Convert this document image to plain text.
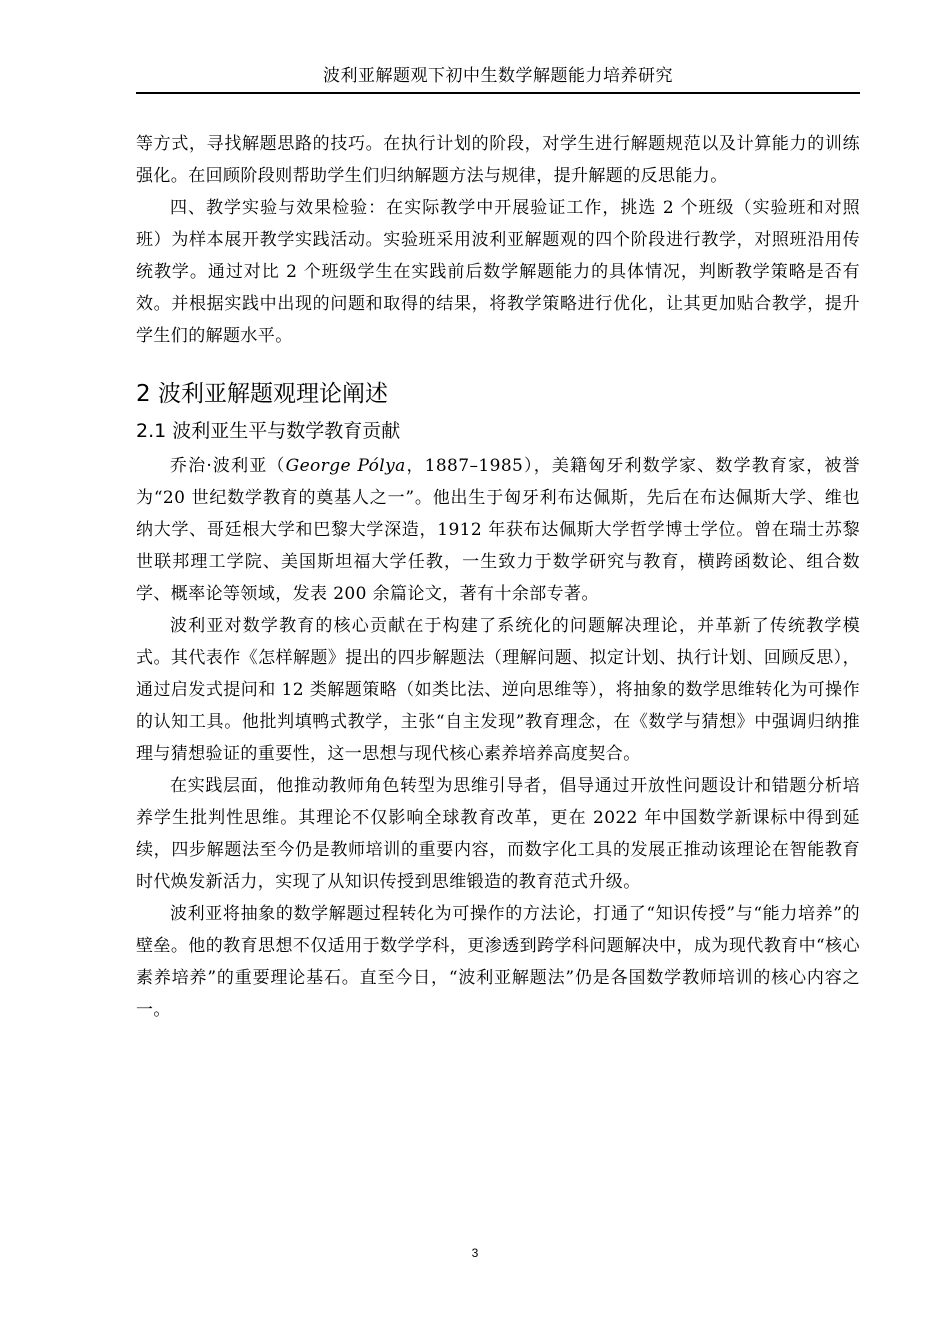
波利亚解题观下初中生数学解题能力培养研究

等方式，寻找解题思路的技巧。在执行计划的阶段，对学生进行解题规范以及计算能力的训练强化。在回顾阶段则帮助学生们归纳解题方法与规律，提升解题的反思能力。

四、教学实验与效果检验：在实际教学中开展验证工作，挑选 2 个班级（实验班和对照班）为样本展开教学实践活动。实验班采用波利亚解题观的四个阶段进行教学，对照班沿用传统教学。通过对比 2 个班级学生在实践前后数学解题能力的具体情况，判断教学策略是否有效。并根据实践中出现的问题和取得的结果，将教学策略进行优化，让其更加贴合教学，提升学生们的解题水平。

2 波利亚解题观理论阐述
2.1 波利亚生平与数学教育贡献

乔治·波利亚（George Pólya，1887–1985），美籍匈牙利数学家、数学教育家，被誉为“20 世纪数学教育的奠基人之一”。他出生于匈牙利布达佩斯，先后在布达佩斯大学、维也纳大学、哥廷根大学和巴黎大学深造，1912 年获布达佩斯大学哲学博士学位。曾在瑞士苏黎世联邦理工学院、美国斯坦福大学任教，一生致力于数学研究与教育，横跨函数论、组合数学、概率论等领域，发表 200 余篇论文，著有十余部专著。

波利亚对数学教育的核心贡献在于构建了系统化的问题解决理论，并革新了传统教学模式。其代表作《怎样解题》提出的四步解题法（理解问题、拟定计划、执行计划、回顾反思），通过启发式提问和 12 类解题策略（如类比法、逆向思维等），将抽象的数学思维转化为可操作的认知工具。他批判填鸭式教学，主张“自主发现”教育理念，在《数学与猜想》中强调归纳推理与猜想验证的重要性，这一思想与现代核心素养培养高度契合。

在实践层面，他推动教师角色转型为思维引导者，倡导通过开放性问题设计和错题分析培养学生批判性思维。其理论不仅影响全球教育改革，更在 2022 年中国数学新课标中得到延续，四步解题法至今仍是教师培训的重要内容，而数字化工具的发展正推动该理论在智能教育时代焕发新活力，实现了从知识传授到思维锻造的教育范式升级。

波利亚将抽象的数学解题过程转化为可操作的方法论，打通了“知识传授”与“能力培养”的壁垒。他的教育思想不仅适用于数学学科，更渗透到跨学科问题解决中，成为现代教育中“核心素养培养”的重要理论基石。直至今日，“波利亚解题法”仍是各国数学教师培训的核心内容之一。

3
